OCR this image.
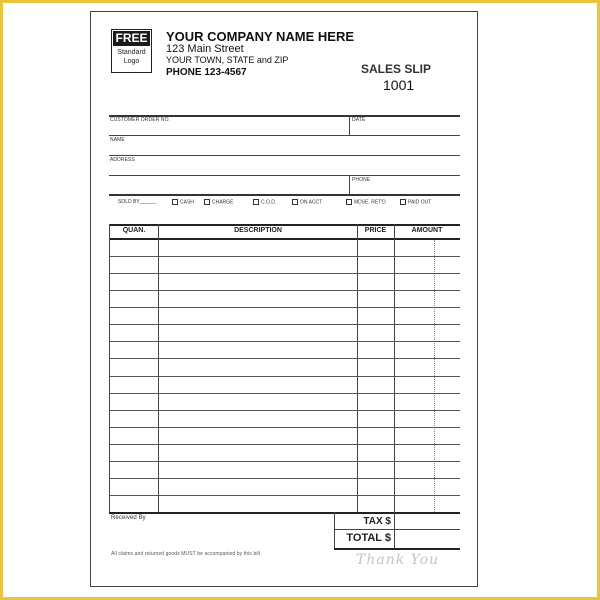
FREE
Standard
Logo
YOUR COMPANY NAME HERE
123 Main Street
YOUR TOWN, STATE and ZIP
PHONE 123-4567	SALES SLIP
1001
CUSTOMER ORDER NO.	DATE
NAME
ADDRESS
PHONE
SOLD BY______	CASH	CHARGE	C.O.D.	ON ACCT	MDSE. RET'D	PAID OUT
QUAN.	DESCRIPTION	PRICE	AMOUNT
Received By	TAX $
TOTAL $
All claims and returned goods MUST be accompanied by this bill	Thank You
